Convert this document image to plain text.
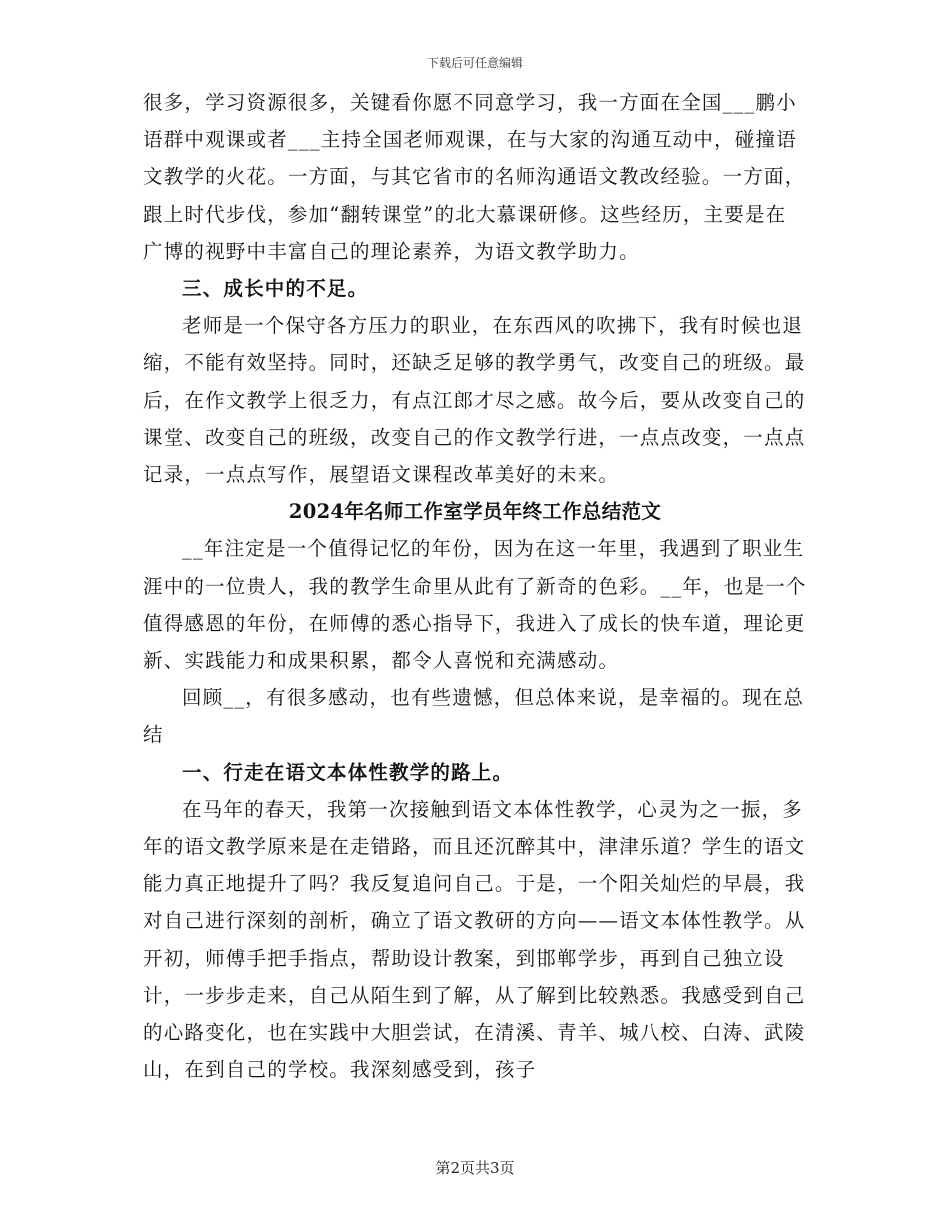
下载后可任意编辑

很多，学习资源很多，关键看你愿不同意学习，我一方面在全国___鹏小语群中观课或者___主持全国老师观课，在与大家的沟通互动中，碰撞语文教学的火花。一方面，与其它省市的名师沟通语文教改经验。一方面，跟上时代步伐，参加“翻转课堂”的北大慕课研修。这些经历，主要是在广博的视野中丰富自己的理论素养，为语文教学助力。

三、成长中的不足。

老师是一个保守各方压力的职业，在东西风的吹拂下，我有时候也退缩，不能有效坚持。同时，还缺乏足够的教学勇气，改变自己的班级。最后，在作文教学上很乏力，有点江郎才尽之感。故今后，要从改变自己的课堂、改变自己的班级，改变自己的作文教学行进，一点点改变，一点点记录，一点点写作，展望语文课程改革美好的未来。

2024年名师工作室学员年终工作总结范文

__年注定是一个值得记忆的年份，因为在这一年里，我遇到了职业生涯中的一位贵人，我的教学生命里从此有了新奇的色彩。__年，也是一个值得感恩的年份，在师傅的悉心指导下，我进入了成长的快车道，理论更新、实践能力和成果积累，都令人喜悦和充满感动。

回顾__，有很多感动，也有些遗憾，但总体来说，是幸福的。现在总结

一、行走在语文本体性教学的路上。

在马年的春天，我第一次接触到语文本体性教学，心灵为之一振，多年的语文教学原来是在走错路，而且还沉醉其中，津津乐道？学生的语文能力真正地提升了吗？我反复追问自己。于是，一个阳关灿烂的早晨，我对自己进行深刻的剖析，确立了语文教研的方向——语文本体性教学。从开初，师傅手把手指点，帮助设计教案，到邯郸学步，再到自己独立设计，一步步走来，自己从陌生到了解，从了解到比较熟悉。我感受到自己的心路变化，也在实践中大胆尝试，在清溪、青羊、城八校、白涛、武陵山，在到自己的学校。我深刻感受到，孩子

第2页共3页
